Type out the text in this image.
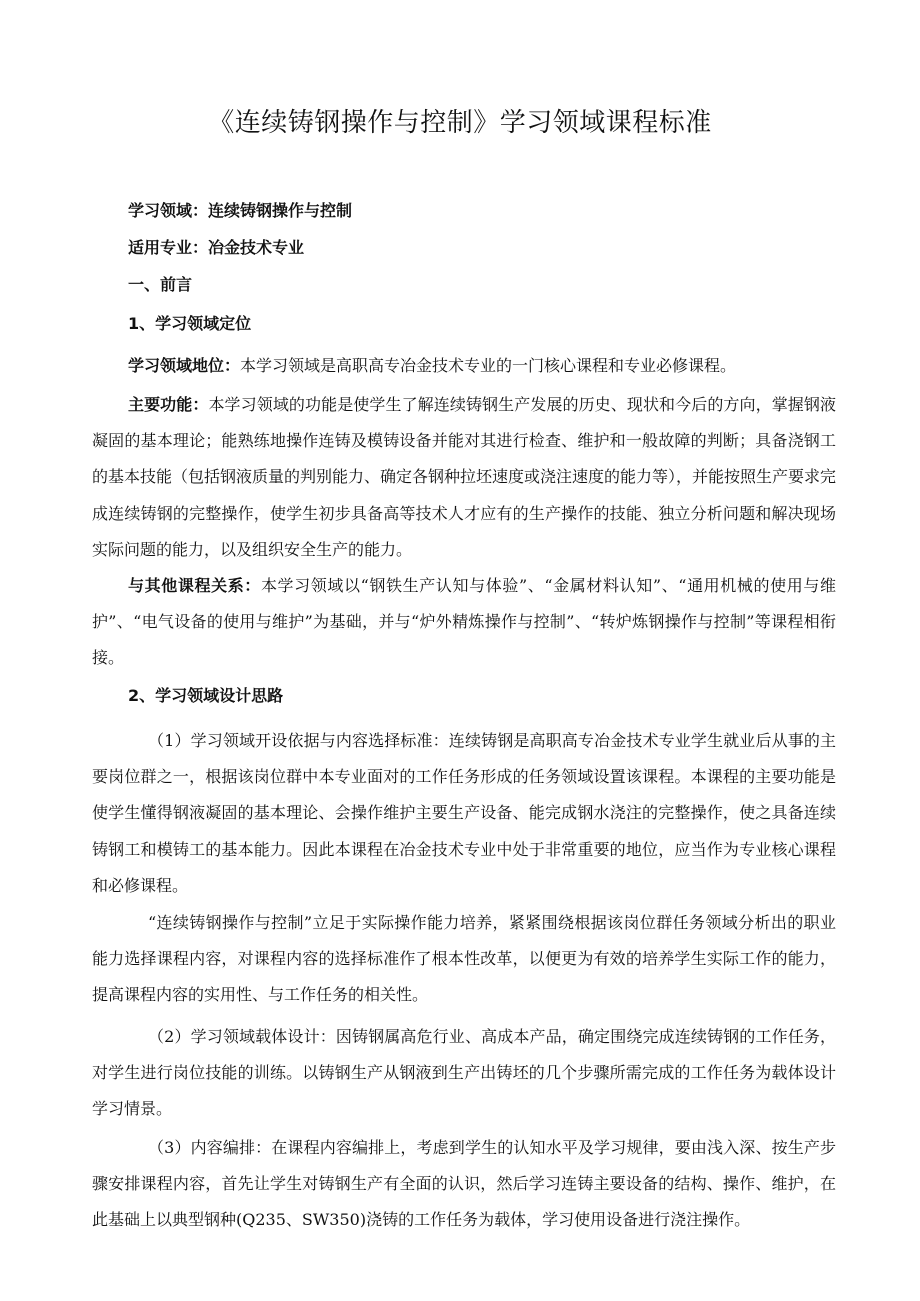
《连续铸钢操作与控制》学习领域课程标准
学习领域：连续铸钢操作与控制
适用专业：冶金技术专业
一、前言
1、学习领域定位

学习领域地位：本学习领域是高职高专冶金技术专业的一门核心课程和专业必修课程。

主要功能：本学习领域的功能是使学生了解连续铸钢生产发展的历史、现状和今后的方向，掌握钢液凝固的基本理论；能熟练地操作连铸及模铸设备并能对其进行检查、维护和一般故障的判断；具备浇钢工的基本技能（包括钢液质量的判别能力、确定各钢种拉坯速度或浇注速度的能力等），并能按照生产要求完成连续铸钢的完整操作，使学生初步具备高等技术人才应有的生产操作的技能、独立分析问题和解决现场实际问题的能力，以及组织安全生产的能力。

与其他课程关系：本学习领域以“钢铁生产认知与体验”、“金属材料认知”、“通用机械的使用与维护”、“电气设备的使用与维护”为基础，并与“炉外精炼操作与控制”、“转炉炼钢操作与控制”等课程相衔接。

2、学习领域设计思路

（1）学习领域开设依据与内容选择标准：连续铸钢是高职高专冶金技术专业学生就业后从事的主要岗位群之一，根据该岗位群中本专业面对的工作任务形成的任务领域设置该课程。本课程的主要功能是使学生懂得钢液凝固的基本理论、会操作维护主要生产设备、能完成钢水浇注的完整操作，使之具备连续铸钢工和模铸工的基本能力。因此本课程在冶金技术专业中处于非常重要的地位，应当作为专业核心课程和必修课程。

“连续铸钢操作与控制”立足于实际操作能力培养，紧紧围绕根据该岗位群任务领域分析出的职业能力选择课程内容，对课程内容的选择标准作了根本性改革，以便更为有效的培养学生实际工作的能力，提高课程内容的实用性、与工作任务的相关性。

（2）学习领域载体设计：因铸钢属高危行业、高成本产品，确定围绕完成连续铸钢的工作任务，对学生进行岗位技能的训练。以铸钢生产从钢液到生产出铸坯的几个步骤所需完成的工作任务为载体设计学习情景。

（3）内容编排：在课程内容编排上，考虑到学生的认知水平及学习规律，要由浅入深、按生产步骤安排课程内容，首先让学生对铸钢生产有全面的认识，然后学习连铸主要设备的结构、操作、维护，在此基础上以典型钢种(Q235、SW350)浇铸的工作任务为载体，学习使用设备进行浇注操作。
